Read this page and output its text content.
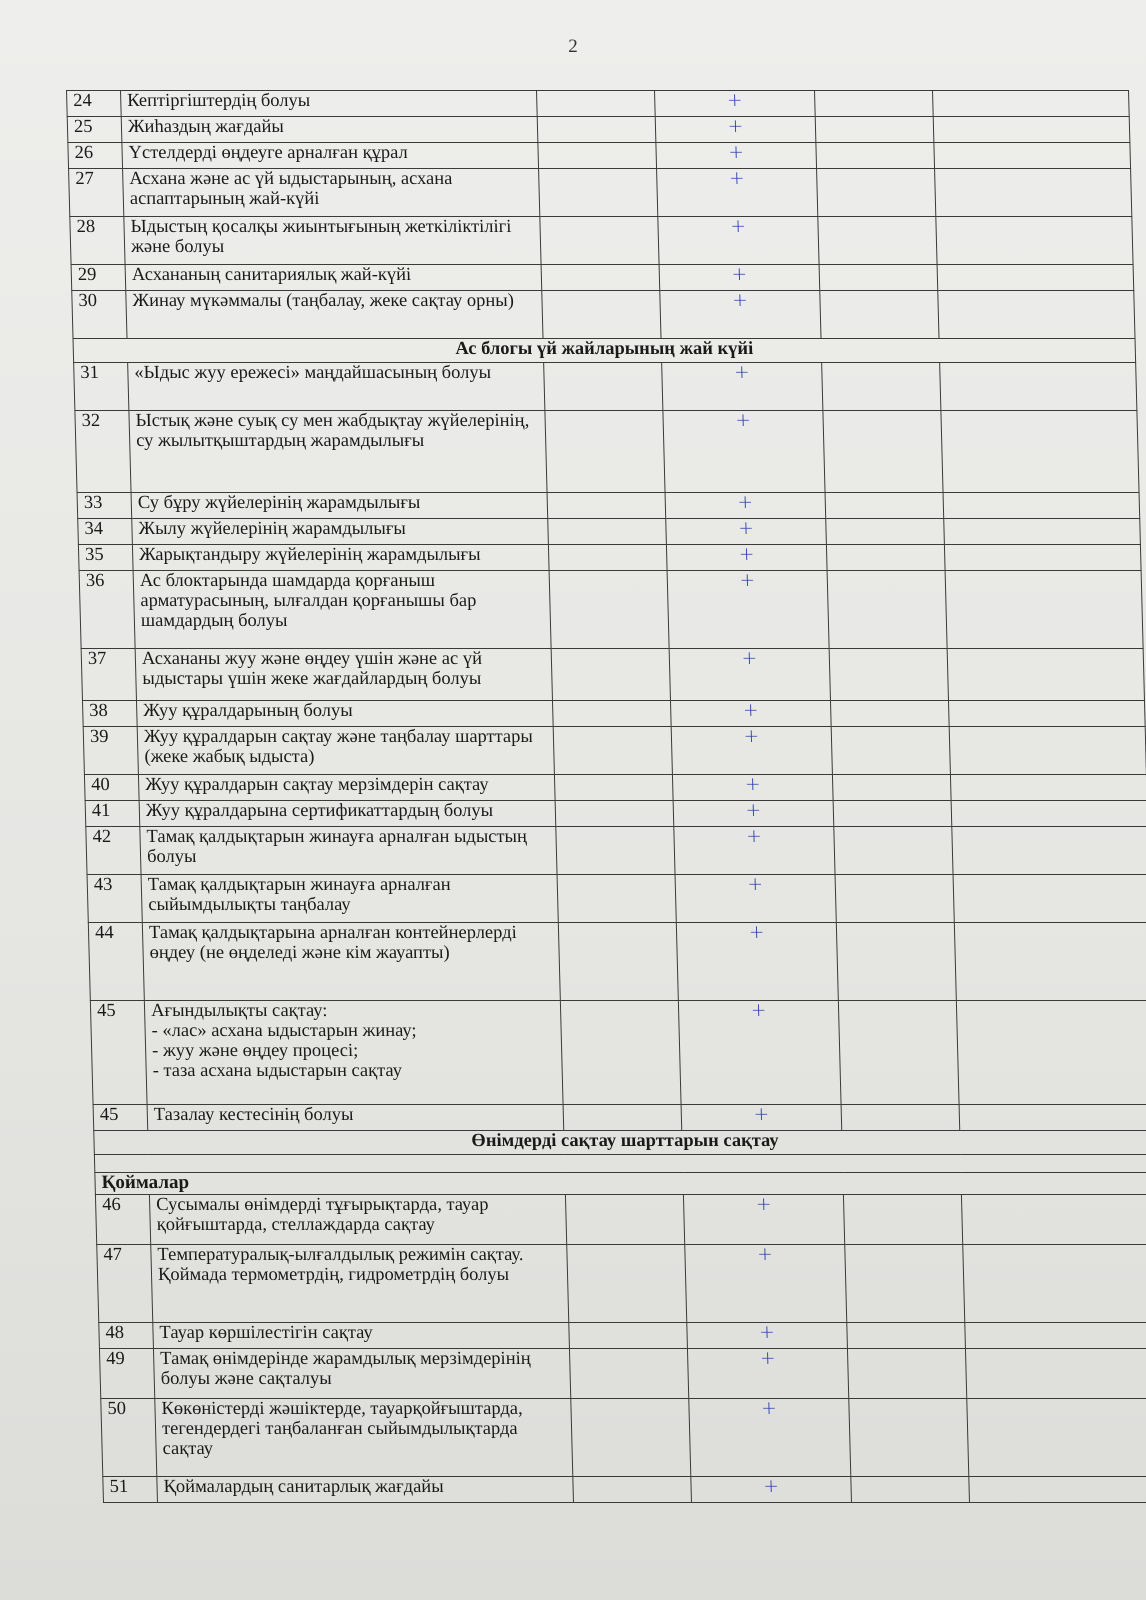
2
24	Кептіргіштердің болуы		+		
25	Жиһаздың жағдайы		+		
26	Үстелдерді өңдеуге арналған құрал		+		
27	Асхана және ас үй ыдыстарының, асхана аспаптарының жай-күйі		+		
28	Ыдыстың қосалқы жиынтығының жеткіліктілігі және болуы		+		
29	Асхананың санитариялық жай-күйі		+		
30	Жинау мүкәммалы (таңбалау, жеке сақтау орны)		+		
Ас блогы үй жайларының жай күйі					
31	«Ыдыс жуу ережесі» маңдайшасының болуы		+		
32	Ыстық және суық су мен жабдықтау жүйелерінің, су жылытқыштардың жарамдылығы		+		
33	Су бұру жүйелерінің жарамдылығы		+		
34	Жылу жүйелерінің жарамдылығы		+		
35	Жарықтандыру жүйелерінің жарамдылығы		+		
36	Ас блоктарында шамдарда қорғаныш арматурасының, ылғалдан қорғанышы бар шамдардың болуы		+		
37	Асхананы жуу және өңдеу үшін және ас үй ыдыстары үшін жеке жағдайлардың болуы		+		
38	Жуу құралдарының болуы		+		
39	Жуу құралдарын сақтау және таңбалау шарттары (жеке жабық ыдыста)		+		
40	Жуу құралдарын сақтау мерзімдерін сақтау		+		
41	Жуу құралдарына сертификаттардың болуы		+		
42	Тамақ қалдықтарын жинауға арналған ыдыстың болуы		+		
43	Тамақ қалдықтарын жинауға арналған сыйымдылықты таңбалау		+		
44	Тамақ қалдықтарына арналған контейнерлерді өңдеу (не өңделеді және кім жауапты)		+		
45	Ағындылықты сақтау:
- «лас» асхана ыдыстарын жинау;
- жуу және өңдеу процесі;
- таза асхана ыдыстарын сақтау		+		
45	Тазалау кестесінің болуы		+		
Өнімдерді сақтау шарттарын сақтау					

Қоймалар					
46	Сусымалы өнімдерді тұғырықтарда, тауар қойғыштарда, стеллаждарда сақтау		+		
47	Температуралық-ылғалдылық режимін сақтау. Қоймада термометрдің, гидрометрдің болуы		+		
48	Тауар көршілестігін сақтау		+		
49	Тамақ өнімдерінде жарамдылық мерзімдерінің болуы және сақталуы		+		
50	Көкөністерді жәшіктерде, тауарқойғыштарда, тегендердегі таңбаланған сыйымдылықтарда сақтау		+		
51	Қоймалардың санитарлық жағдайы		+		
